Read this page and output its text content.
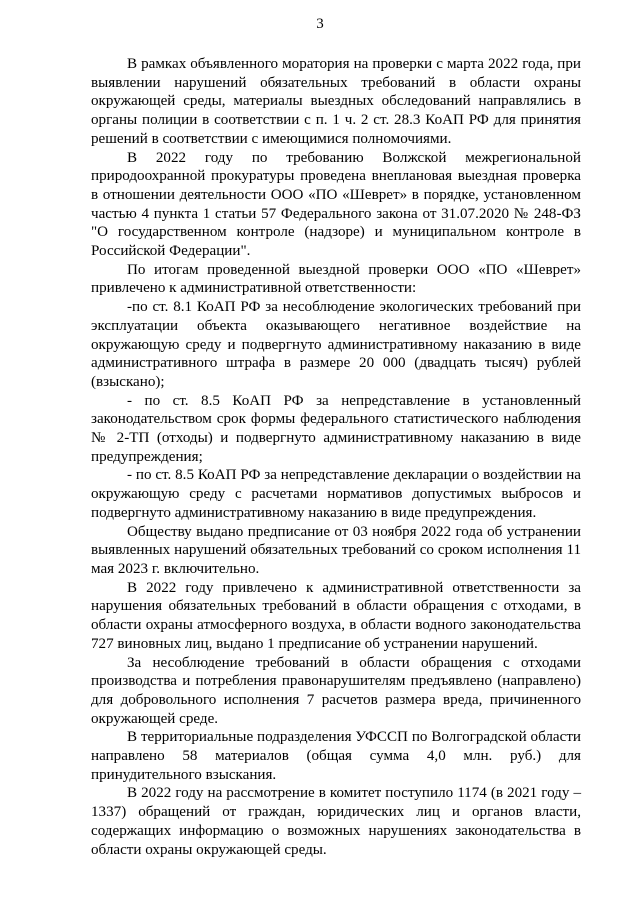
3

В рамках объявленного моратория на проверки с марта 2022 года, при выявлении нарушений обязательных требований в области охраны окружающей среды, материалы выездных обследований направлялись в органы полиции в соответствии с п. 1 ч. 2 ст. 28.3 КоАП РФ для принятия решений в соответствии с имеющимися полномочиями.

В 2022 году по требованию Волжской межрегиональной природоохранной прокуратуры проведена внеплановая выездная проверка в отношении деятельности ООО «ПО «Шеврет» в порядке, установленном частью 4 пункта 1 статьи 57 Федерального закона от 31.07.2020 № 248-ФЗ "О государственном контроле (надзоре) и муниципальном контроле в Российской Федерации".

По итогам проведенной выездной проверки ООО «ПО «Шеврет» привлечено к административной ответственности:

-по ст. 8.1 КоАП РФ за несоблюдение экологических требований при эксплуатации объекта оказывающего негативное воздействие на окружающую среду и подвергнуто административному наказанию в виде административного штрафа в размере 20 000 (двадцать тысяч) рублей (взыскано);

- по ст. 8.5 КоАП РФ за непредставление в установленный законодательством срок формы федерального статистического наблюдения № 2-ТП (отходы) и подвергнуто административному наказанию в виде предупреждения;

- по ст. 8.5 КоАП РФ за непредставление декларации о воздействии на окружающую среду с расчетами нормативов допустимых выбросов и подвергнуто административному наказанию в виде предупреждения.

Обществу выдано предписание от 03 ноября 2022 года об устранении выявленных нарушений обязательных требований со сроком исполнения 11 мая 2023 г. включительно.

В 2022 году привлечено к административной ответственности за нарушения обязательных требований в области обращения с отходами, в области охраны атмосферного воздуха, в области водного законодательства 727 виновных лиц, выдано 1 предписание об устранении нарушений.

За несоблюдение требований в области обращения с отходами производства и потребления правонарушителям предъявлено (направлено) для добровольного исполнения 7 расчетов размера вреда, причиненного окружающей среде.

В территориальные подразделения УФССП по Волгоградской области направлено 58 материалов (общая сумма 4,0 млн. руб.) для принудительного взыскания.

В 2022 году на рассмотрение в комитет поступило 1174 (в 2021 году – 1337) обращений от граждан, юридических лиц и органов власти, содержащих информацию о возможных нарушениях законодательства в области охраны окружающей среды.
